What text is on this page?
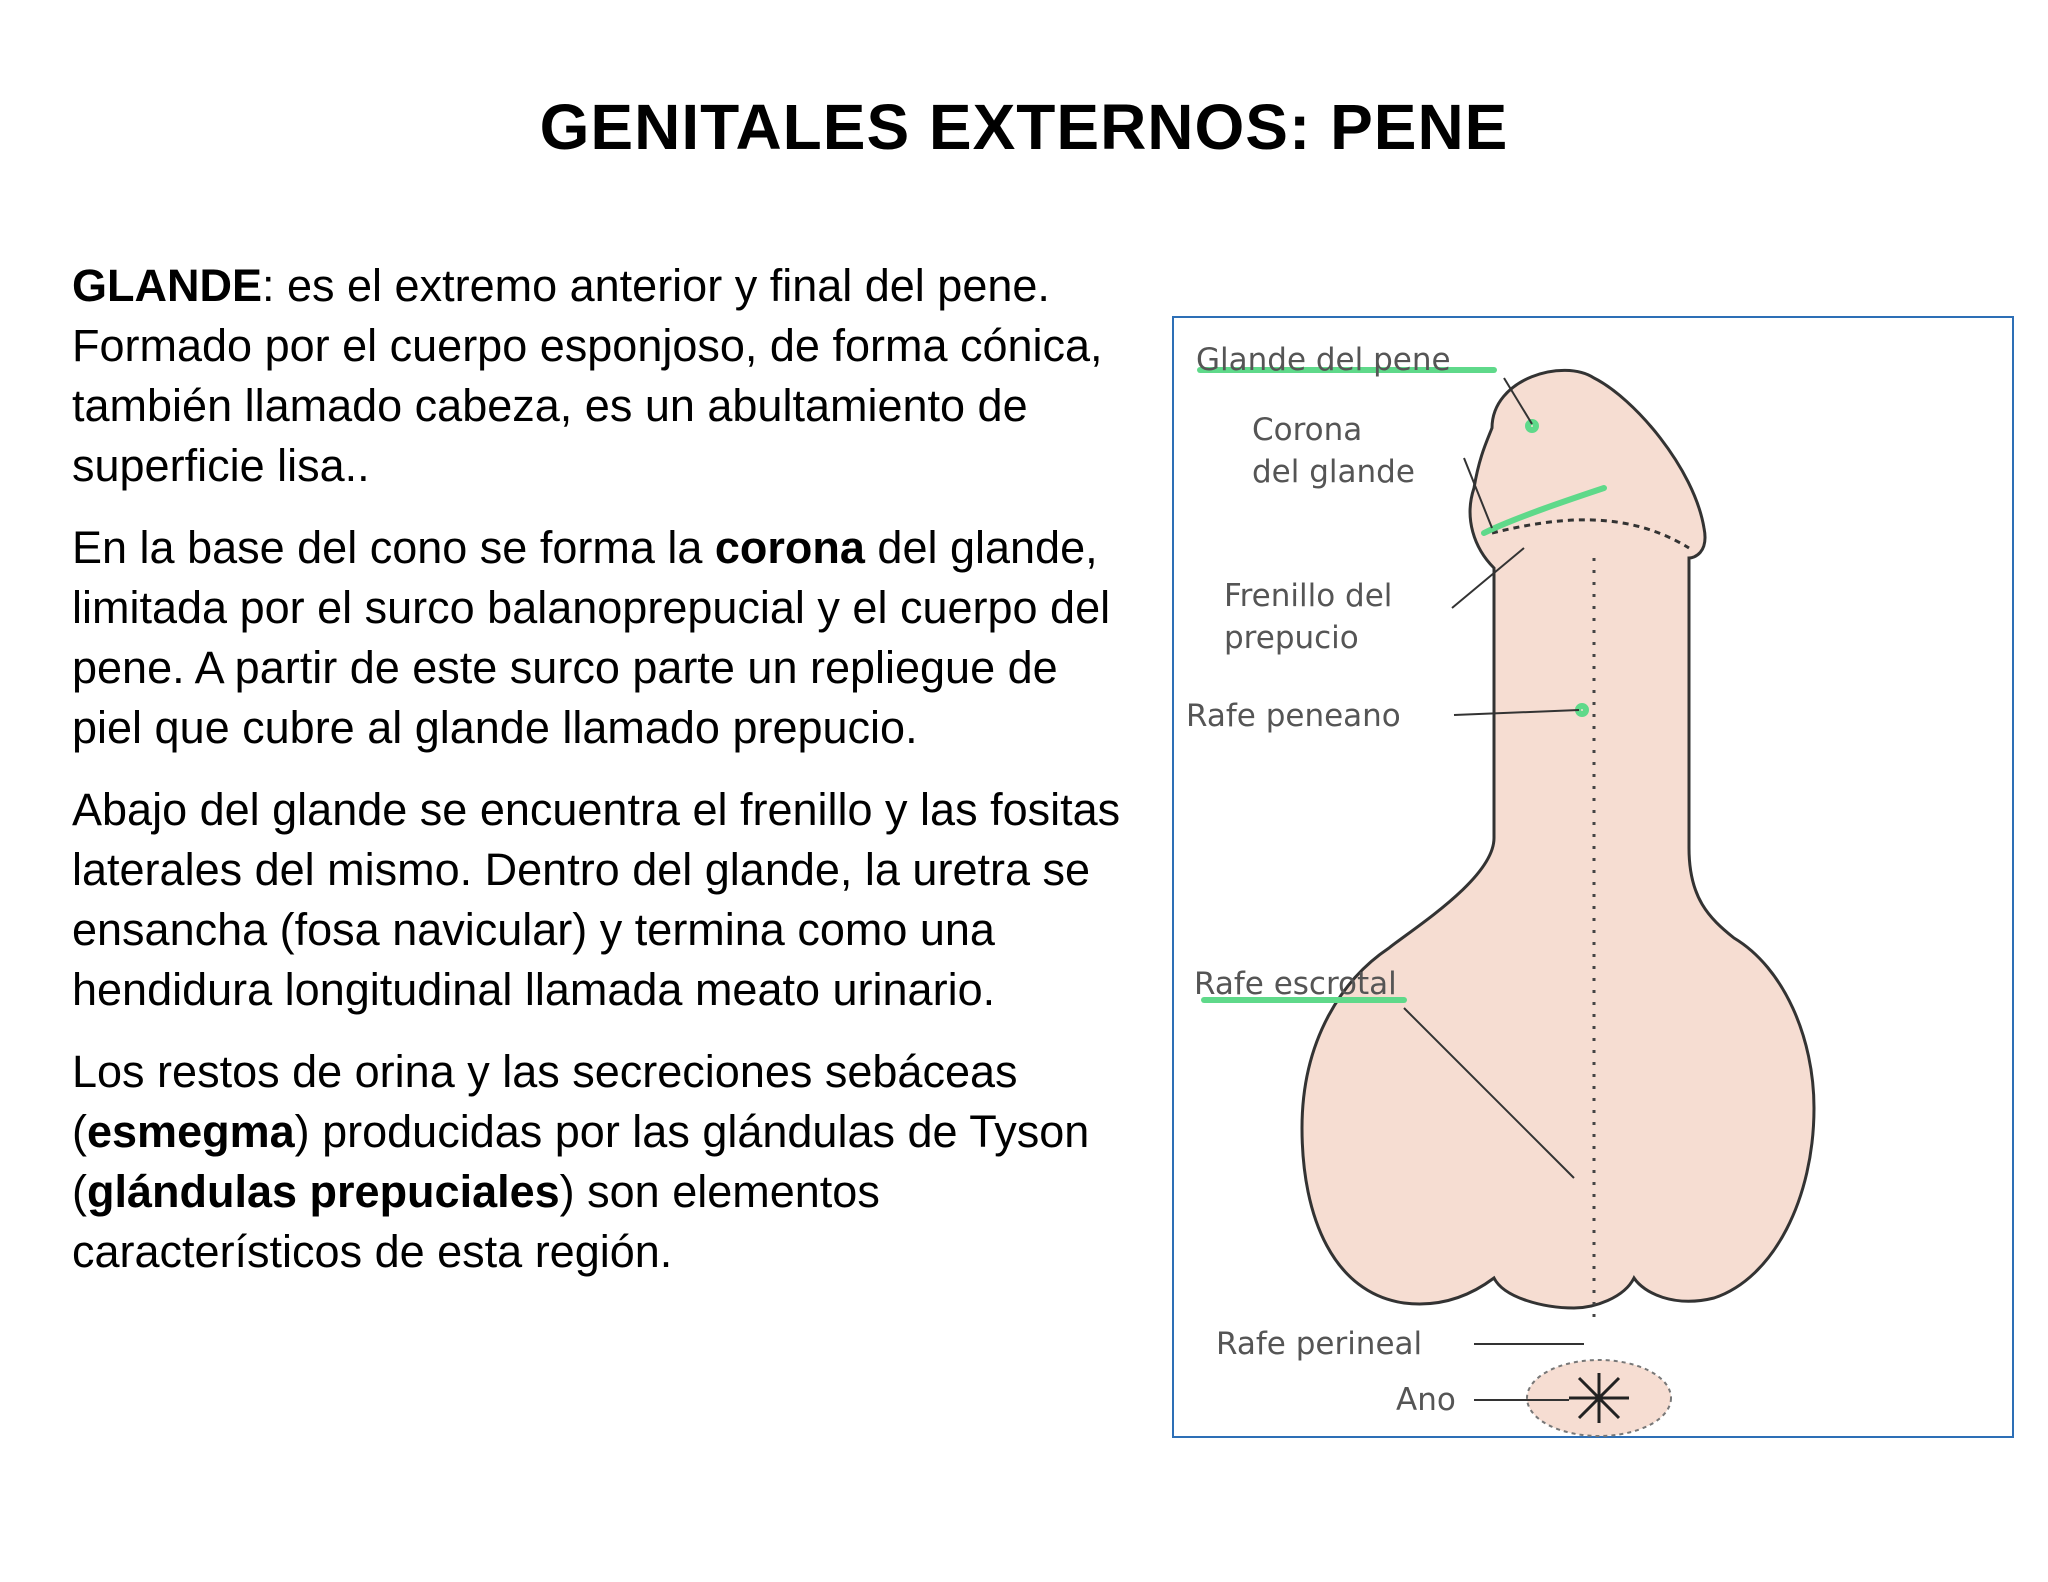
GENITALES EXTERNOS: PENE

GLANDE: es el extremo anterior y final del pene. Formado por el cuerpo esponjoso, de forma cónica, también llamado cabeza, es un abultamiento de superficie lisa..

En la base del cono se forma la corona del glande, limitada por el surco balanoprepucial y el cuerpo del pene. A partir de este surco parte un repliegue de piel que cubre al glande llamado prepucio.

Abajo del glande se encuentra el frenillo y las fositas laterales del mismo. Dentro del glande, la uretra se ensancha (fosa navicular) y termina como una hendidura longitudinal llamada meato urinario.

Los restos de orina y las secreciones sebáceas (esmegma) producidas por las glándulas de Tyson (glándulas prepuciales) son elementos característicos de esta región.

Glande del pene
Corona
del glande
Frenillo del
prepucio
Rafe peneano
Rafe escrotal
Rafe perineal
Ano
